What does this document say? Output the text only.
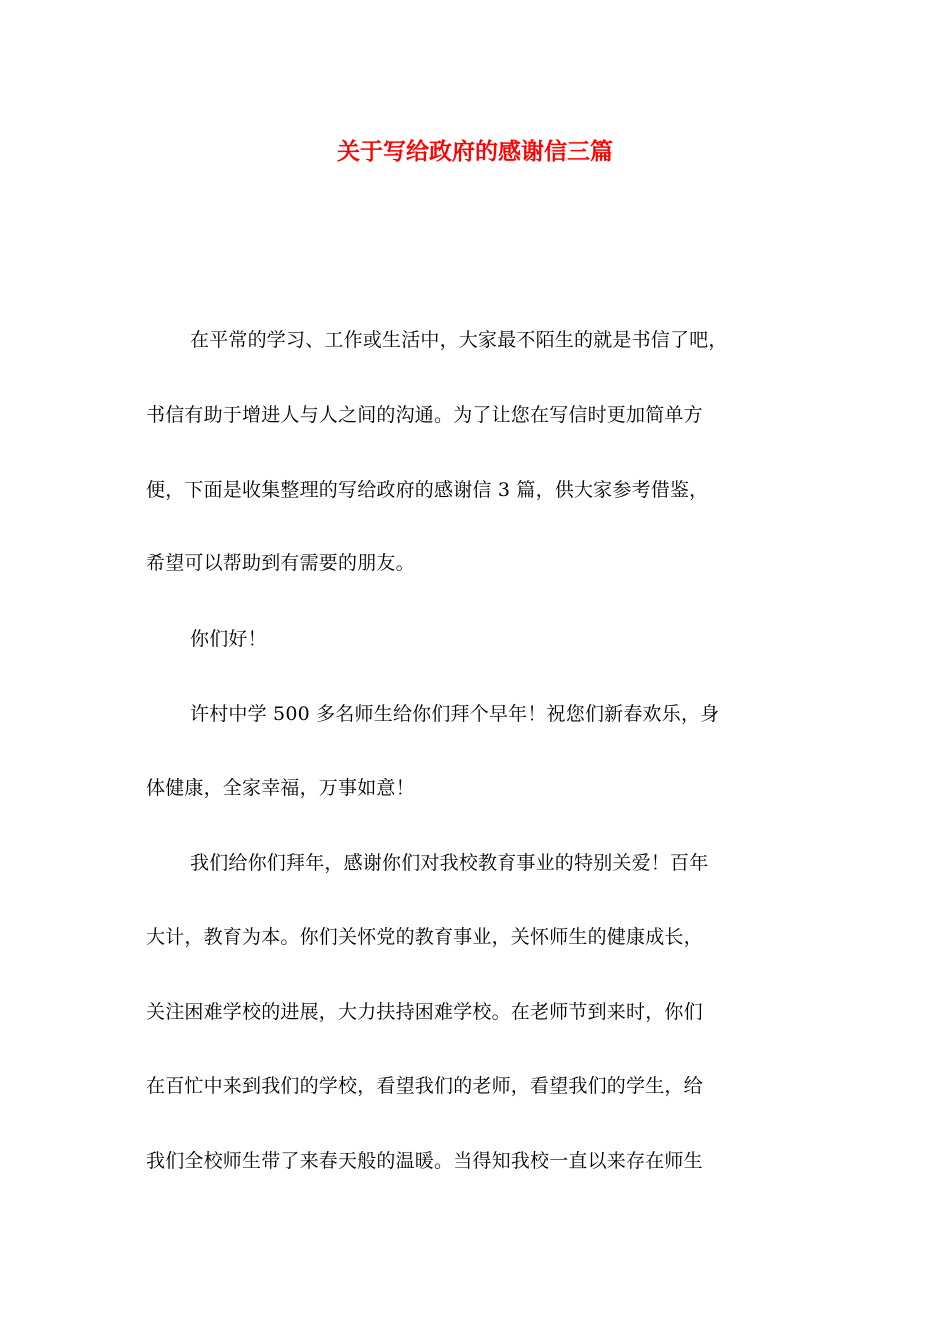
关于写给政府的感谢信三篇
在平常的学习、工作或生活中，大家最不陌生的就是书信了吧，
书信有助于增进人与人之间的沟通。为了让您在写信时更加简单方
便，下面是收集整理的写给政府的感谢信 3 篇，供大家参考借鉴，
希望可以帮助到有需要的朋友。
你们好！
许村中学 500 多名师生给你们拜个早年！祝您们新春欢乐，身
体健康，全家幸福，万事如意！
我们给你们拜年，感谢你们对我校教育事业的特别关爱！百年
大计，教育为本。你们关怀党的教育事业，关怀师生的健康成长，
关注困难学校的进展，大力扶持困难学校。在老师节到来时，你们
在百忙中来到我们的学校，看望我们的老师，看望我们的学生，给
我们全校师生带了来春天般的温暖。当得知我校一直以来存在师生
